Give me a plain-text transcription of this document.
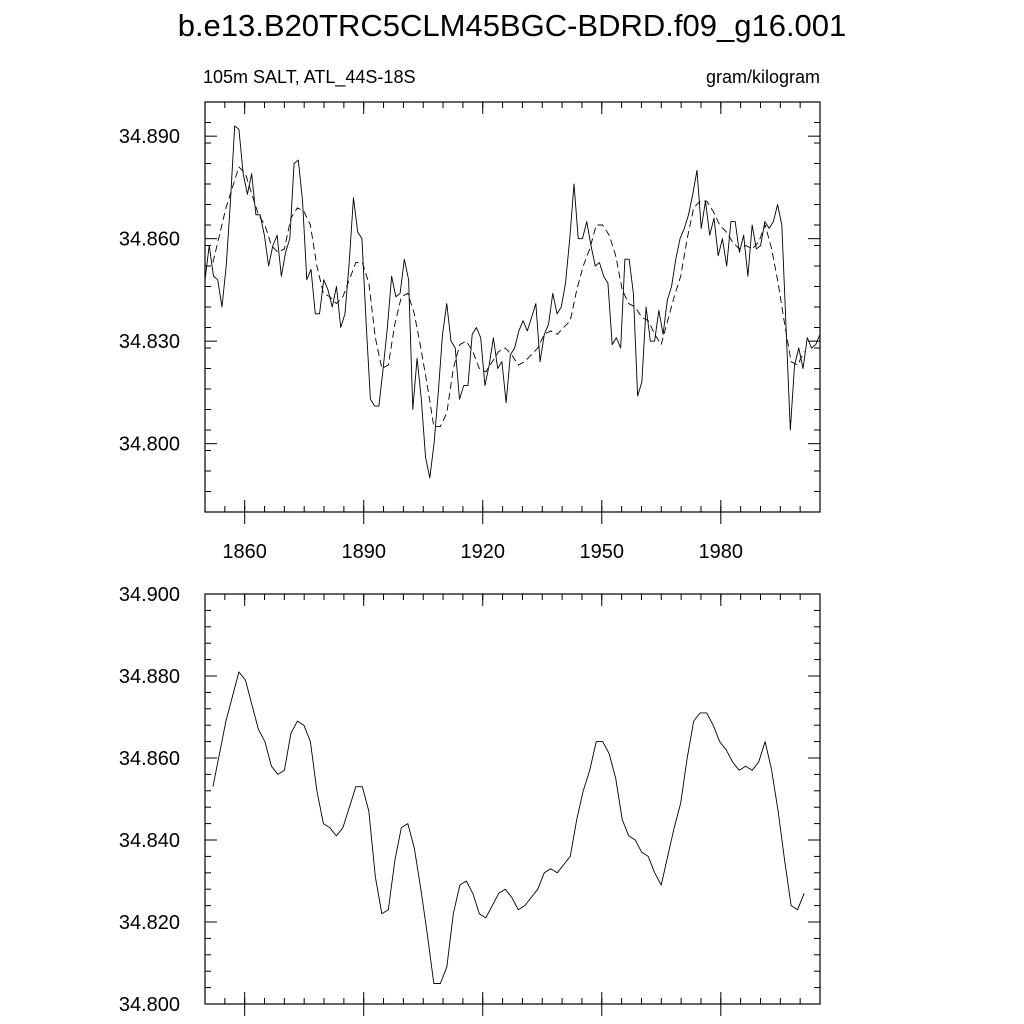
b.e13.B20TRC5CLM45BGC-BDRD.f09_g16.001
34.800
34.830
34.860
34.890
1860	1890	1920	1950	1980
105m SALT, ATL_44S-18S	gram/kilogram
34.800
34.820
34.840
34.860
34.880
34.900
